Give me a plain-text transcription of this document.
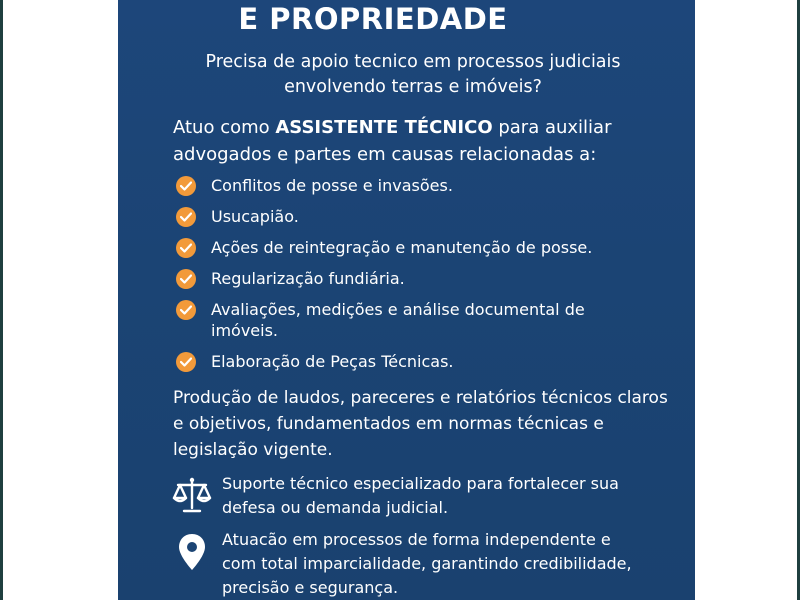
E PROPRIEDADE
Precisa de apoio tecnico em processos judiciais
envolvendo terras e imóveis?
Atuo como ASSISTENTE TÉCNICO para auxiliar advogados e partes em causas relacionadas a:
Conflitos de posse e invasões.
Usucapião.
Ações de reintegração e manutenção de posse.
Regularização fundiária.
Avaliações, medições e análise documental de imóveis.
Elaboração de Peças Técnicas.
Produção de laudos, pareceres e relatórios técnicos claros e objetivos, fundamentados em normas técnicas e legislação vigente.
Suporte técnico especializado para fortalecer sua defesa ou demanda judicial.
Atuacão em processos de forma independente e com total imparcialidade, garantindo credibilidade, precisão e segurança.
